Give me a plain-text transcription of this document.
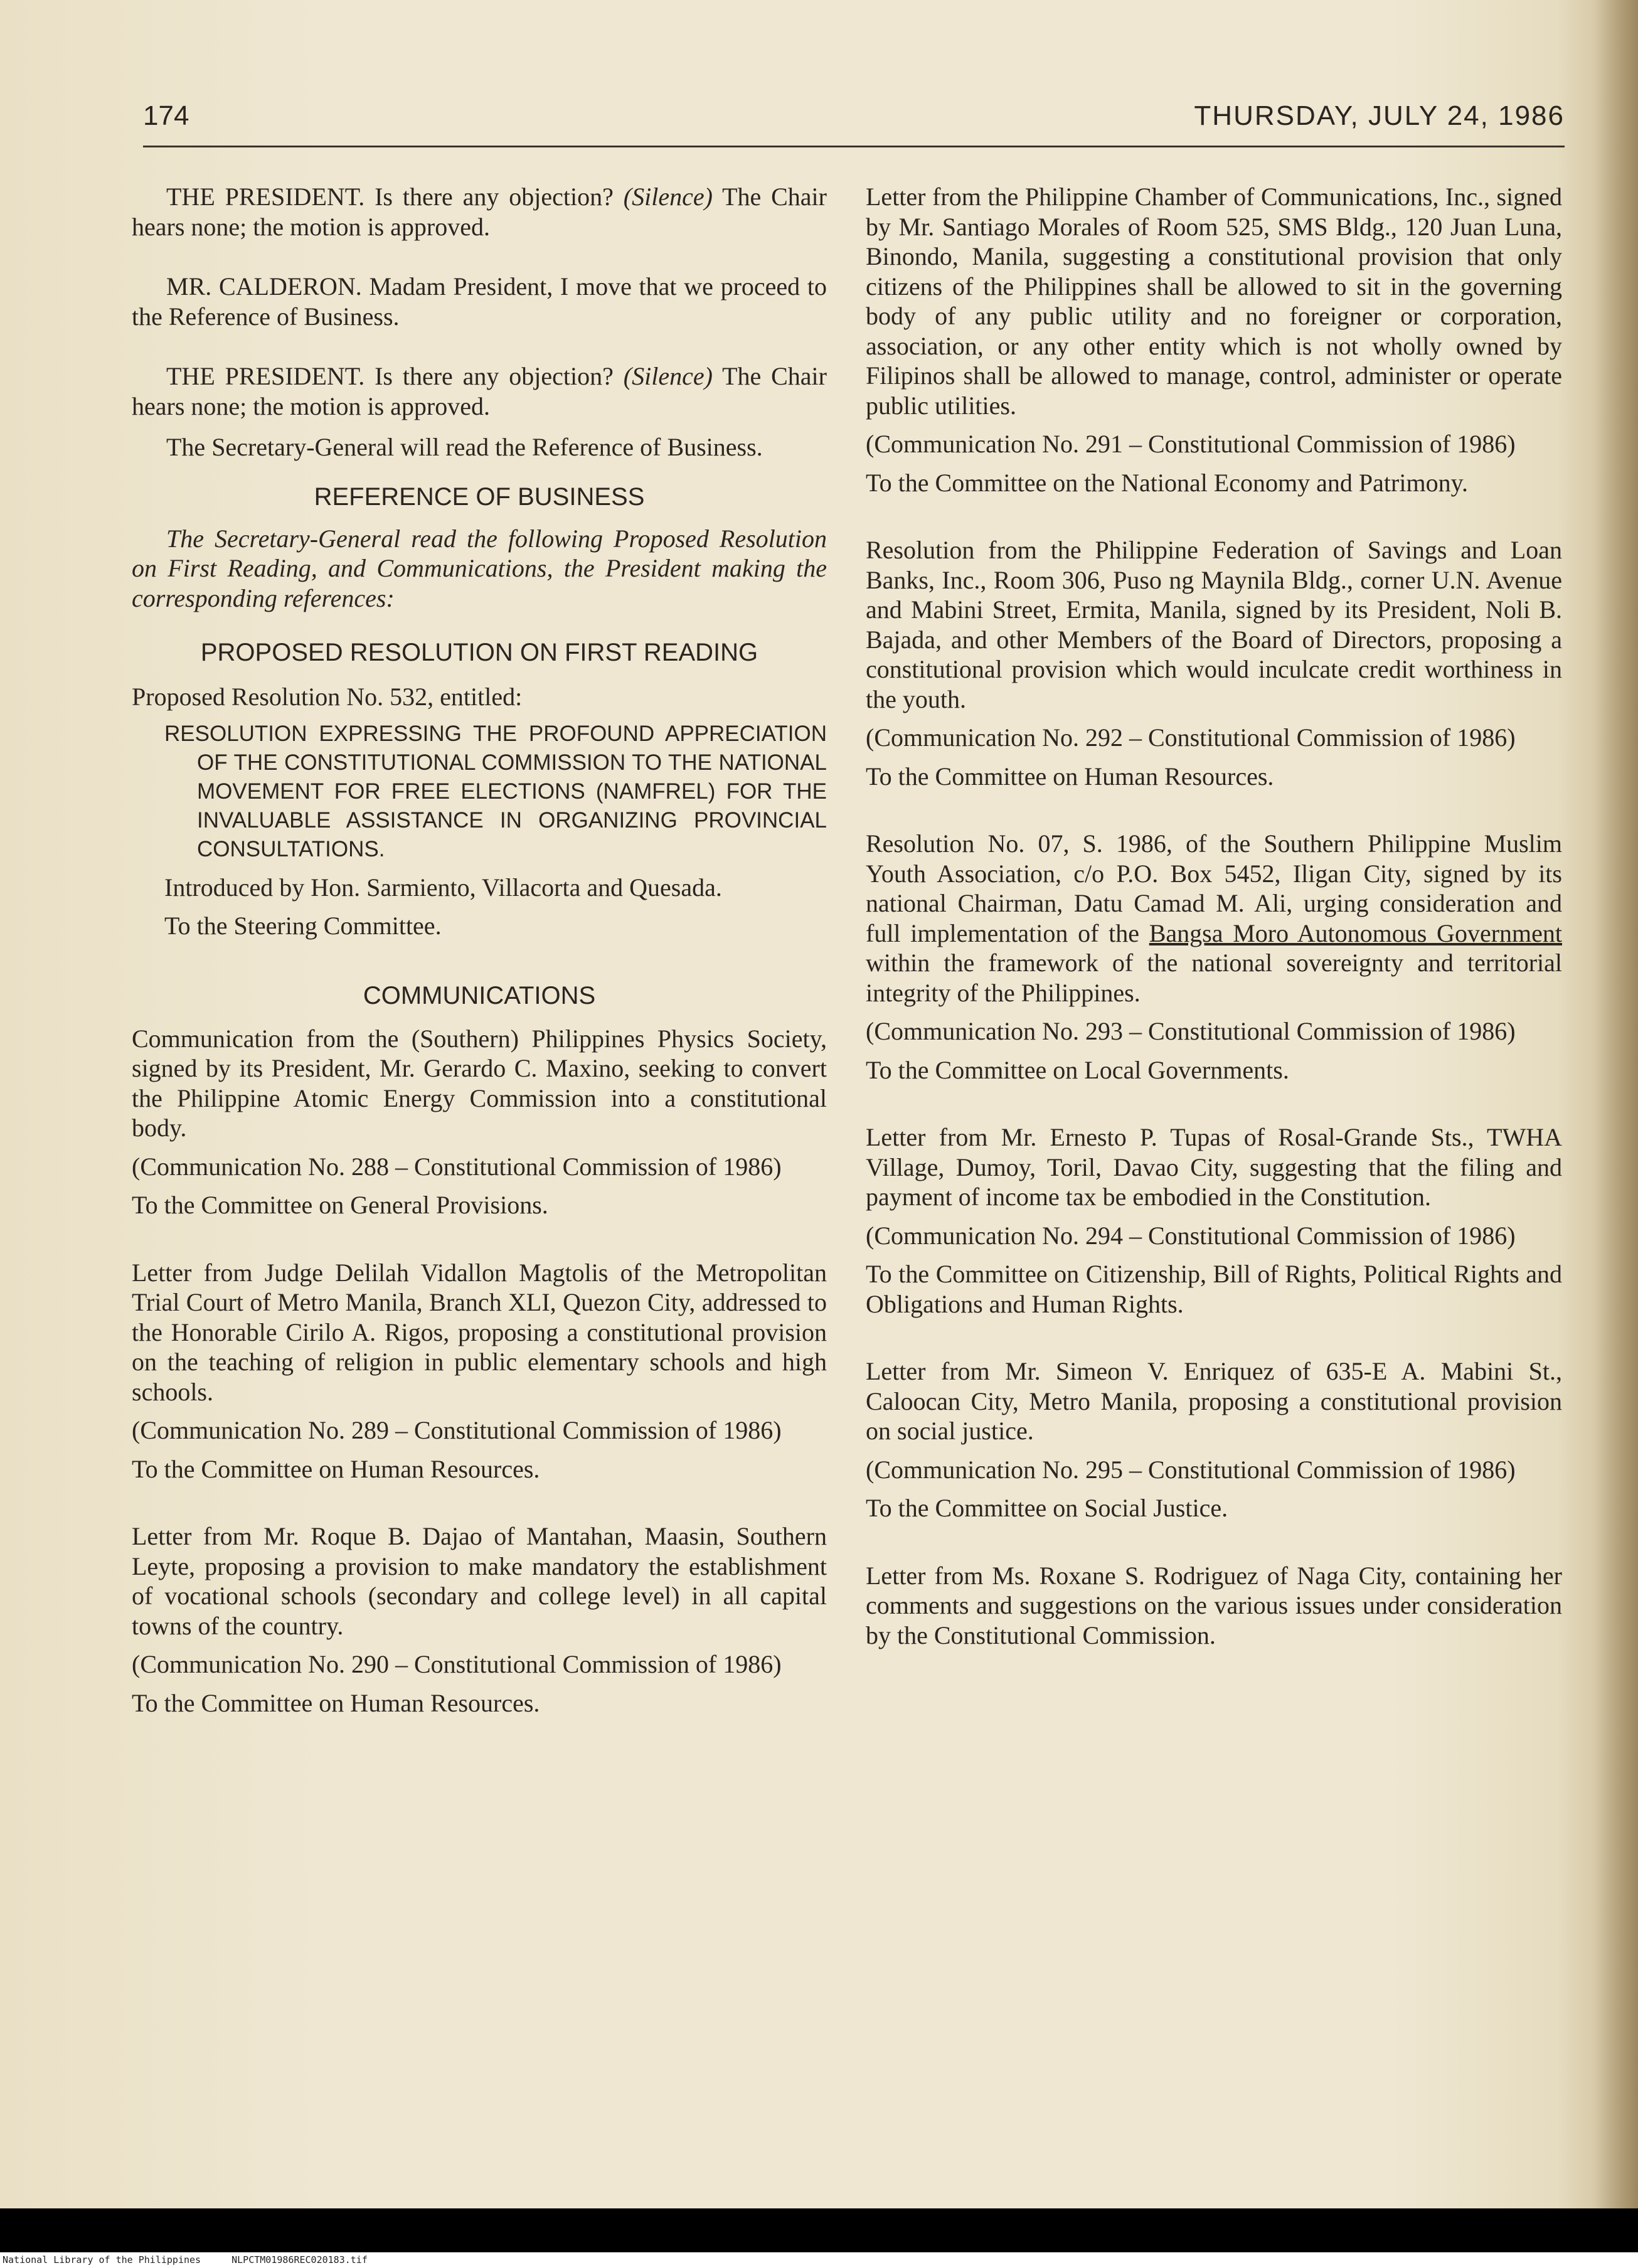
174	THURSDAY, JULY 24, 1986

THE PRESIDENT. Is there any objection? (Silence) The Chair hears none; the motion is approved.

MR. CALDERON. Madam President, I move that we proceed to the Reference of Business.

THE PRESIDENT. Is there any objection? (Silence) The Chair hears none; the motion is approved.

The Secretary-General will read the Reference of Business.

REFERENCE OF BUSINESS

The Secretary-General read the following Proposed Resolution on First Reading, and Communications, the President making the corresponding references:

PROPOSED RESOLUTION ON FIRST READING

Proposed Resolution No. 532, entitled:

RESOLUTION EXPRESSING THE PROFOUND APPRECIATION OF THE CONSTITUTIONAL COMMISSION TO THE NATIONAL MOVEMENT FOR FREE ELECTIONS (NAMFREL) FOR THE INVALUABLE ASSISTANCE IN ORGANIZING PROVINCIAL CONSULTATIONS.

Introduced by Hon. Sarmiento, Villacorta and Quesada.

To the Steering Committee.

COMMUNICATIONS

Communication from the (Southern) Philippines Physics Society, signed by its President, Mr. Gerardo C. Maxino, seeking to convert the Philippine Atomic Energy Commission into a constitutional body.

(Communication No. 288 – Constitutional Commission of 1986)

To the Committee on General Provisions.

Letter from Judge Delilah Vidallon Magtolis of the Metropolitan Trial Court of Metro Manila, Branch XLI, Quezon City, addressed to the Honorable Cirilo A. Rigos, proposing a constitutional provision on the teaching of religion in public elementary schools and high schools.

(Communication No. 289 – Constitutional Commission of 1986)

To the Committee on Human Resources.

Letter from Mr. Roque B. Dajao of Mantahan, Maasin, Southern Leyte, proposing a provision to make mandatory the establishment of vocational schools (secondary and college level) in all capital towns of the country.

(Communication No. 290 – Constitutional Commission of 1986)

To the Committee on Human Resources.

Letter from the Philippine Chamber of Communications, Inc., signed by Mr. Santiago Morales of Room 525, SMS Bldg., 120 Juan Luna, Binondo, Manila, suggesting a constitutional provision that only citizens of the Philippines shall be allowed to sit in the governing body of any public utility and no foreigner or corporation, association, or any other entity which is not wholly owned by Filipinos shall be allowed to manage, control, administer or operate public utilities.

(Communication No. 291 – Constitutional Commission of 1986)

To the Committee on the National Economy and Patrimony.

Resolution from the Philippine Federation of Savings and Loan Banks, Inc., Room 306, Puso ng Maynila Bldg., corner U.N. Avenue and Mabini Street, Ermita, Manila, signed by its President, Noli B. Bajada, and other Members of the Board of Directors, proposing a constitutional provision which would inculcate credit worthiness in the youth.

(Communication No. 292 – Constitutional Commission of 1986)

To the Committee on Human Resources.

Resolution No. 07, S. 1986, of the Southern Philippine Muslim Youth Association, c/o P.O. Box 5452, Iligan City, signed by its national Chairman, Datu Camad M. Ali, urging consideration and full implementation of the Bangsa Moro Autonomous Government within the framework of the national sovereignty and territorial integrity of the Philippines.

(Communication No. 293 – Constitutional Commission of 1986)

To the Committee on Local Governments.

Letter from Mr. Ernesto P. Tupas of Rosal-Grande Sts., TWHA Village, Dumoy, Toril, Davao City, suggesting that the filing and payment of income tax be embodied in the Constitution.

(Communication No. 294 – Constitutional Commission of 1986)

To the Committee on Citizenship, Bill of Rights, Political Rights and Obligations and Human Rights.

Letter from Mr. Simeon V. Enriquez of 635-E A. Mabini St., Caloocan City, Metro Manila, proposing a constitutional provision on social justice.

(Communication No. 295 – Constitutional Commission of 1986)

To the Committee on Social Justice.

Letter from Ms. Roxane S. Rodriguez of Naga City, containing her comments and suggestions on the various issues under consideration by the Constitutional Commission.

National Library of the Philippines	NLPCTM01986REC020183.tif
